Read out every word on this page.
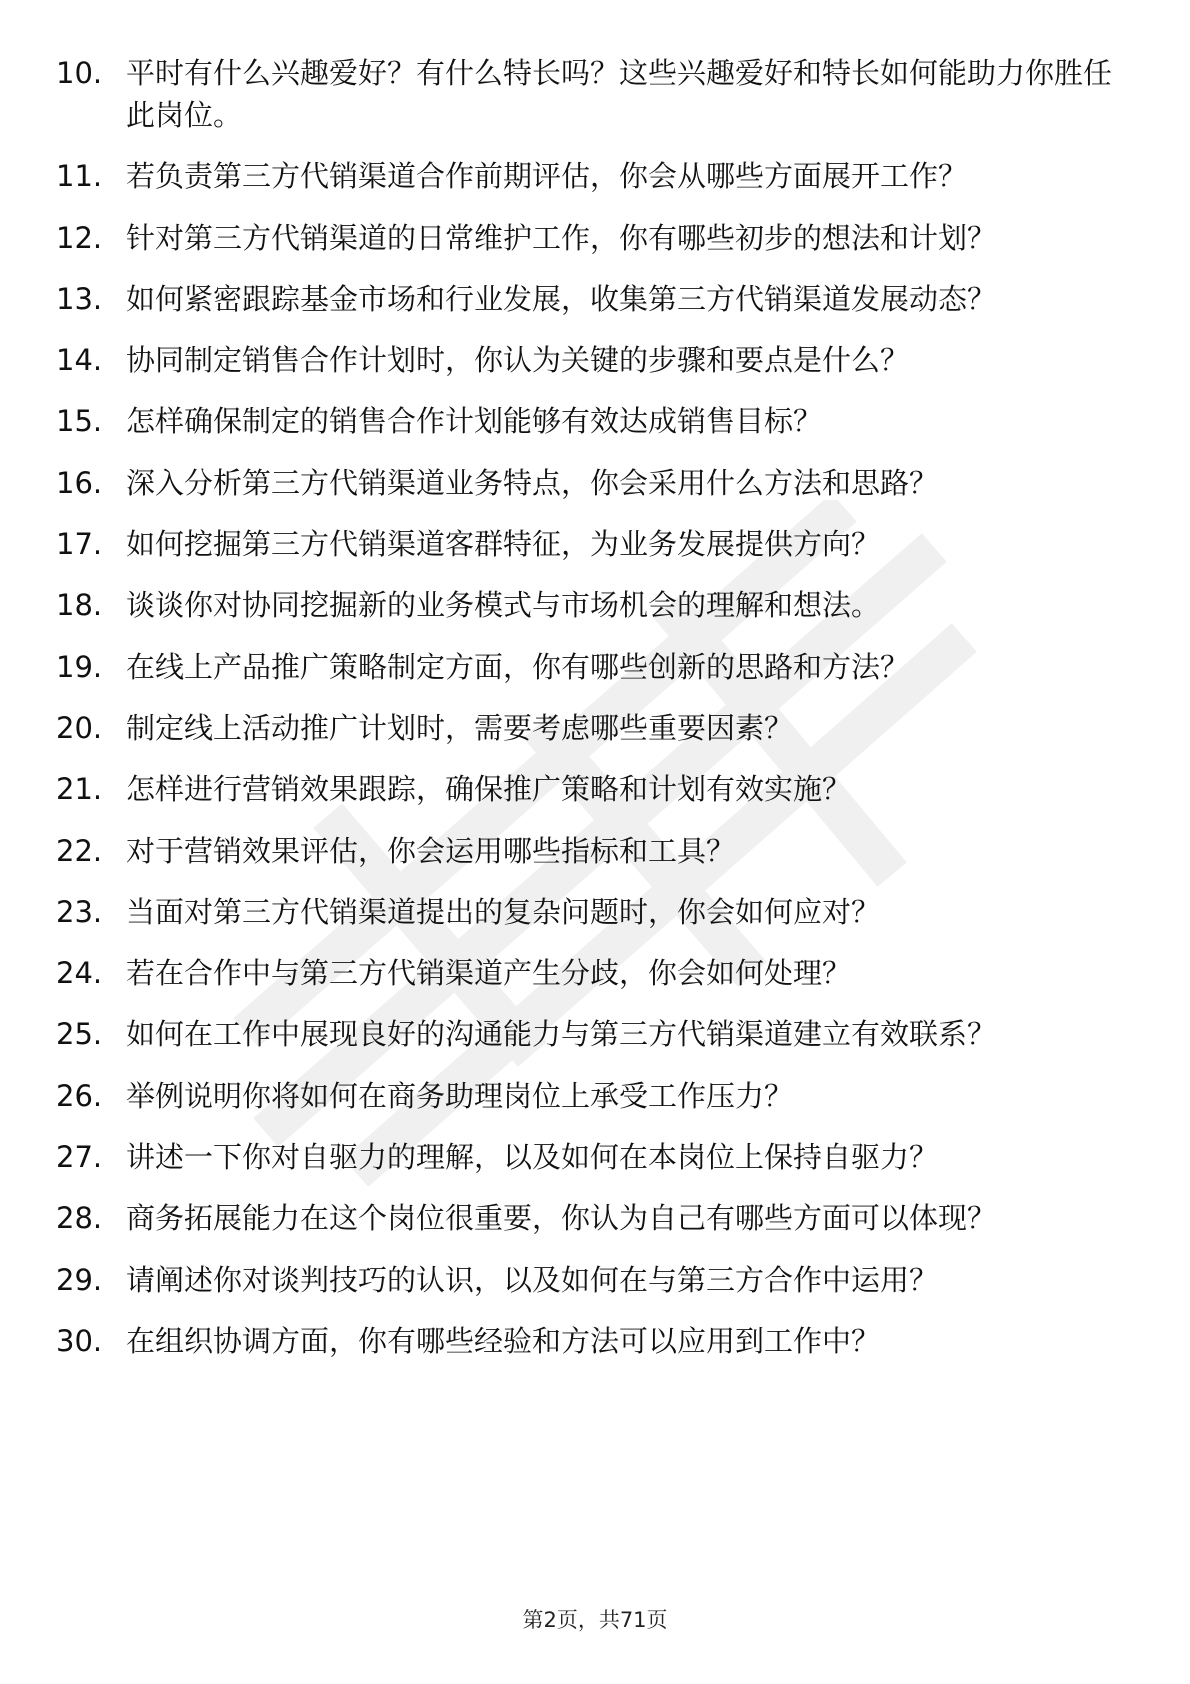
10. 平时有什么兴趣爱好？有什么特长吗？这些兴趣爱好和特长如何能助力你胜任此岗位。
11. 若负责第三方代销渠道合作前期评估，你会从哪些方面展开工作？
12. 针对第三方代销渠道的日常维护工作，你有哪些初步的想法和计划？
13. 如何紧密跟踪基金市场和行业发展，收集第三方代销渠道发展动态？
14. 协同制定销售合作计划时，你认为关键的步骤和要点是什么？
15. 怎样确保制定的销售合作计划能够有效达成销售目标？
16. 深入分析第三方代销渠道业务特点，你会采用什么方法和思路？
17. 如何挖掘第三方代销渠道客群特征，为业务发展提供方向？
18. 谈谈你对协同挖掘新的业务模式与市场机会的理解和想法。
19. 在线上产品推广策略制定方面，你有哪些创新的思路和方法？
20. 制定线上活动推广计划时，需要考虑哪些重要因素？
21. 怎样进行营销效果跟踪，确保推广策略和计划有效实施？
22. 对于营销效果评估，你会运用哪些指标和工具？
23. 当面对第三方代销渠道提出的复杂问题时，你会如何应对？
24. 若在合作中与第三方代销渠道产生分歧，你会如何处理？
25. 如何在工作中展现良好的沟通能力与第三方代销渠道建立有效联系？
26. 举例说明你将如何在商务助理岗位上承受工作压力？
27. 讲述一下你对自驱力的理解，以及如何在本岗位上保持自驱力？
28. 商务拓展能力在这个岗位很重要，你认为自己有哪些方面可以体现？
29. 请阐述你对谈判技巧的认识，以及如何在与第三方合作中运用？
30. 在组织协调方面，你有哪些经验和方法可以应用到工作中？
第2页，共71页
